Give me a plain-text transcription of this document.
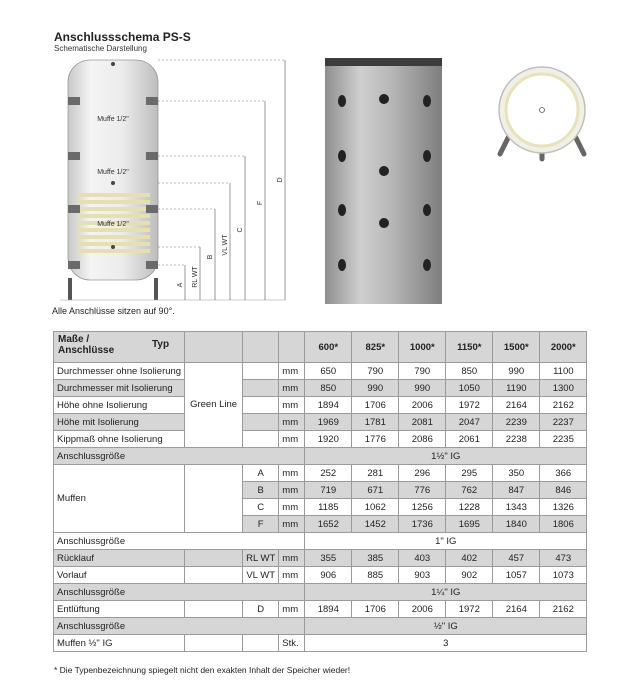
Anschlussschema PS-S
Schematische Darstellung
Muffe 1/2"
Muffe 1/2"
Muffe 1/2"
A RL WT
B
VL WT
C
F
D
Alle Anschlüsse sitzen auf 90°.
Maße /
Anschlüsse
Typ				600*	825*	1000*	1150*	1500*	2000*
Durchmesser ohne Isolierung	Green Line		mm	650	790	790	850	990	1100
Durchmesser mit Isolierung			mm	850	990	990	1050	1190	1300
Höhe ohne Isolierung			mm	1894	1706	2006	1972	2164	2162
Höhe mit Isolierung			mm	1969	1781	2081	2047	2239	2237
Kippmaß ohne Isolierung			mm	1920	1776	2086	2061	2238	2235
Anschlussgröße				1½" IG					
Muffen		A	mm	252	281	296	295	350	366
		B	mm	719	671	776	762	847	846
		C	mm	1185	1062	1256	1228	1343	1326
		F	mm	1652	1452	1736	1695	1840	1806
Anschlussgröße				1" IG					
Rücklauf		RL WT	mm	355	385	403	402	457	473
Vorlauf		VL WT	mm	906	885	903	902	1057	1073
Anschlussgröße				1¼" IG					
Entlüftung		D	mm	1894	1706	2006	1972	2164	2162
Anschlussgröße				½" IG					
Muffen ½" IG			Stk.	3					
* Die Typenbezeichnung spiegelt nicht den exakten Inhalt der Speicher wieder!
